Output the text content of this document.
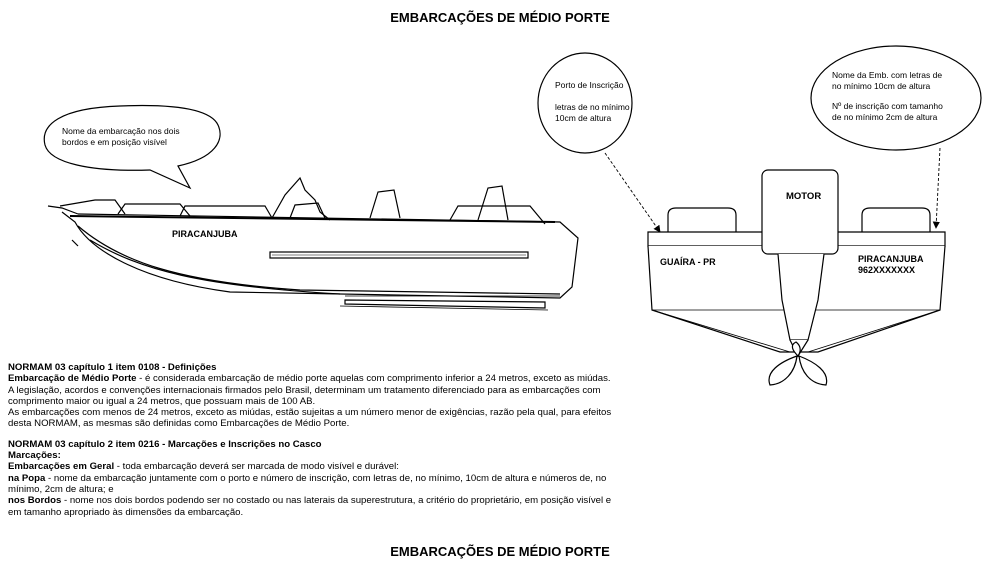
EMBARCAÇÕES DE MÉDIO PORTE
Nome da embarcação nos dois
bordos e em posição visível
PIRACANJUBA
Porto de Inscrição
letras de no mínimo
10cm de altura
Nome da Emb. com letras de
no mínimo 10cm de altura
Nº de inscrição com tamanho
de no mínimo 2cm de altura
MOTOR
GUAÍRA - PR	PIRACANJUBA
962XXXXXXX

NORMAM 03 capítulo 1 item 0108 - Definições

Embarcação de Médio Porte - é considerada embarcação de médio porte aquelas com comprimento inferior a 24 metros, exceto as miúdas.

A legislação, acordos e convenções internacionais firmados pelo Brasil, determinam um tratamento diferenciado para as embarcações com

comprimento maior ou igual a 24 metros, que possuam mais de 100 AB.

As embarcações com menos de 24 metros, exceto as miúdas, estão sujeitas a um número menor de exigências, razão pela qual, para efeitos

desta NORMAM, as mesmas são definidas como Embarcações de Médio Porte.

NORMAM 03 capítulo 2 item 0216 - Marcações e Inscrições no Casco

Marcações:

Embarcações em Geral - toda embarcação deverá ser marcada de modo visível e durável:

na Popa - nome da embarcação juntamente com o porto e número de inscrição, com letras de, no mínimo, 10cm de altura e números de, no

mínimo, 2cm de altura; e

nos Bordos - nome nos dois bordos podendo ser no costado ou nas laterais da superestrutura, a critério do proprietário, em posição visível e

em tamanho apropriado às dimensões da embarcação.

EMBARCAÇÕES DE MÉDIO PORTE
